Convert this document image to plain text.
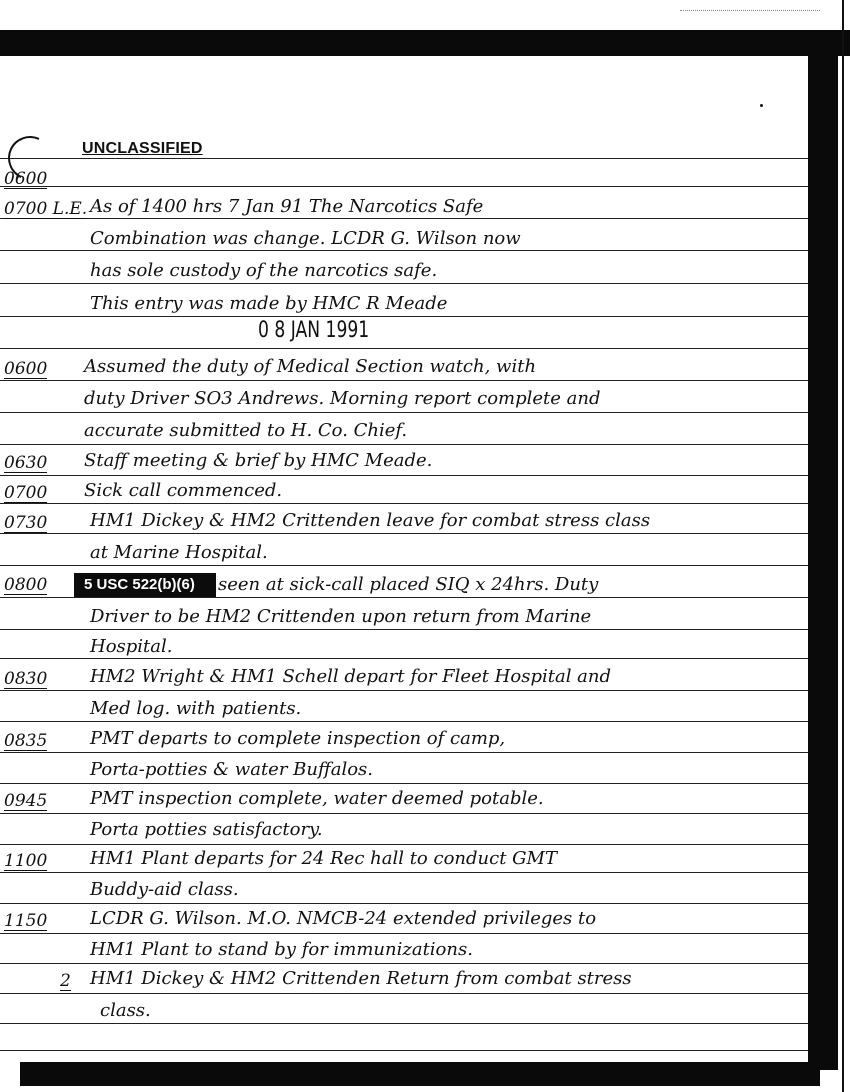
UNCLASSIFIED
0600
0700 L.E. As of 1400 hrs 7 Jan 91 The Narcotics Safe
Combination was change. LCDR G. Wilson now
has sole custody of the narcotics safe.
This entry was made by HMC R Meade
0 8 JAN 1991
0600 Assumed the duty of Medical Section watch, with
duty Driver SO3 Andrews. Morning report complete and
accurate submitted to H. Co. Chief.
0630 Staff meeting & brief by HMC Meade.
0700 Sick call commenced.
0730 HM1 Dickey & HM2 Crittenden leave for combat stress class
at Marine Hospital.
0800	5 USC 522(b)(6)	seen at sick-call placed SIQ x 24hrs. Duty
Driver to be HM2 Crittenden upon return from Marine
Hospital.
0830 HM2 Wright & HM1 Schell depart for Fleet Hospital and
Med log. with patients.
0835 PMT departs to complete inspection of camp,
Porta-potties & water Buffalos.
0945 PMT inspection complete, water deemed potable.
Porta potties satisfactory.
1100 HM1 Plant departs for 24 Rec hall to conduct GMT
Buddy-aid class.
1150 LCDR G. Wilson. M.O. NMCB-24 extended privileges to
HM1 Plant to stand by for immunizations.
2 HM1 Dickey & HM2 Crittenden Return from combat stress
class.
